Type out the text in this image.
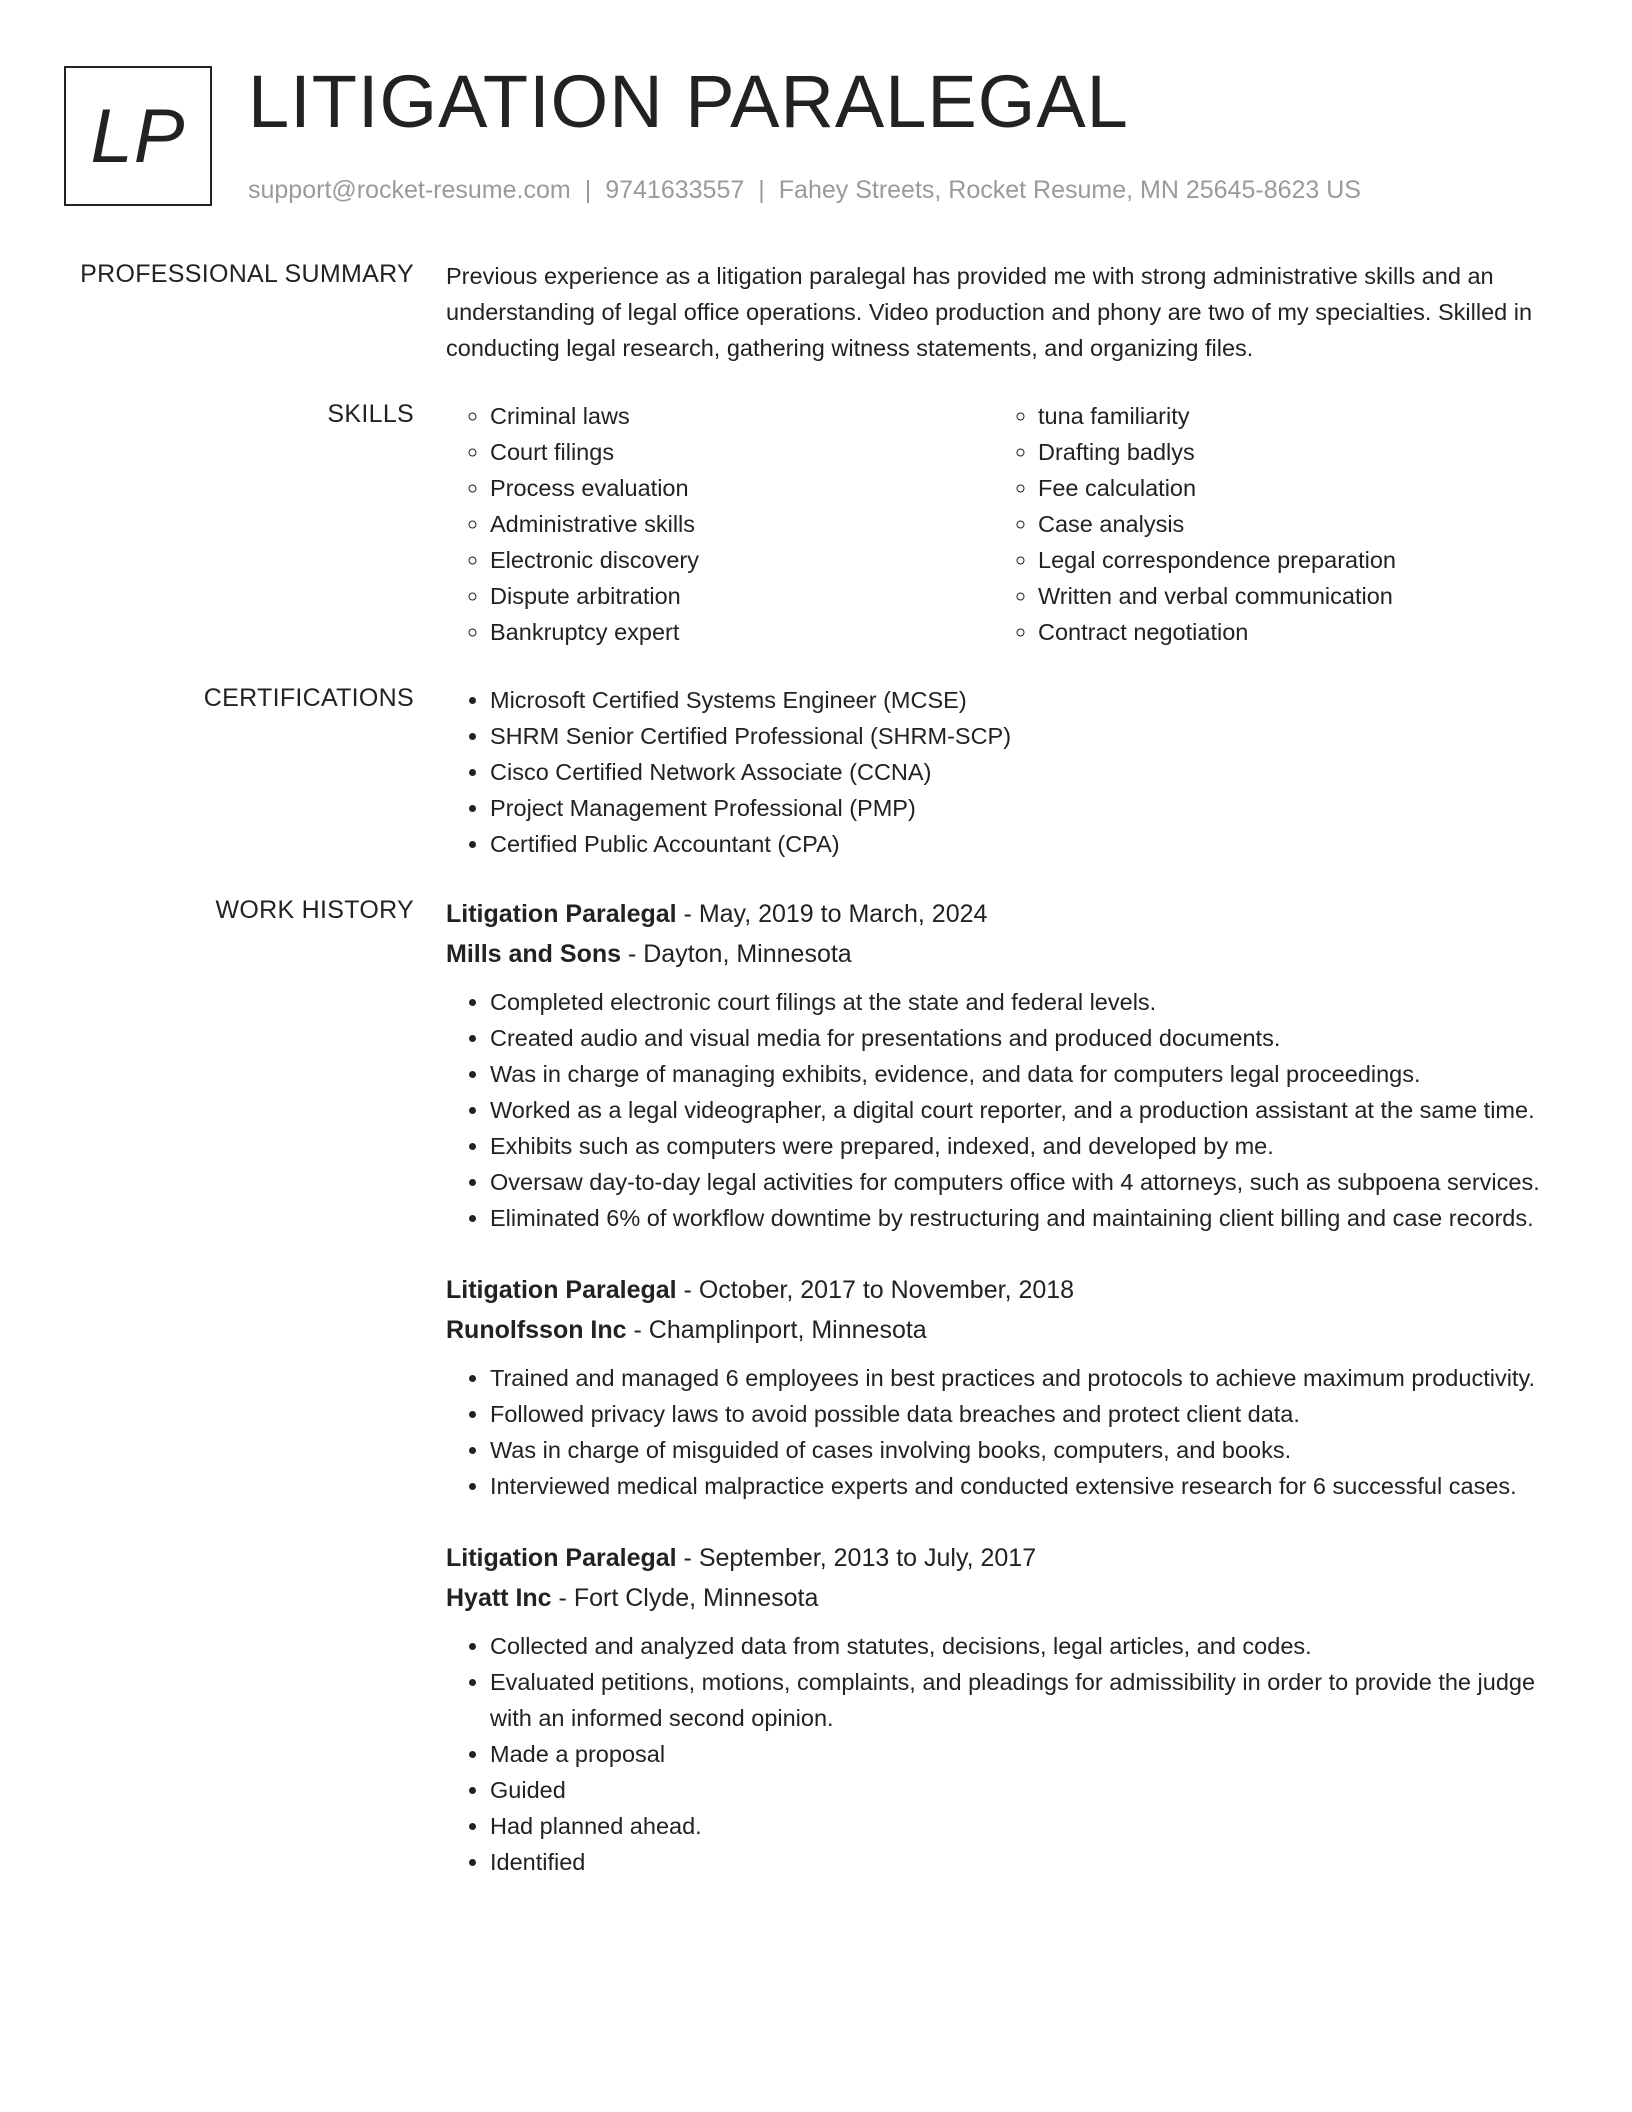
LP LITIGATION PARALEGAL
support@rocket-resume.com | 9741633557 | Fahey Streets, Rocket Resume, MN 25645-8623 US
PROFESSIONAL SUMMARY Previous experience as a litigation paralegal has provided me with strong administrative skills and an understanding of legal office operations. Video production and phony are two of my specialties. Skilled in conducting legal research, gathering witness statements, and organizing files.
SKILLS	◦ Criminal laws
◦ Court filings
◦ Process evaluation
◦ Administrative skills
◦ Electronic discovery
◦ Dispute arbitration
◦ Bankruptcy expert
◦ tuna familiarity
◦ Drafting badlys
◦ Fee calculation
◦ Case analysis
◦ Legal correspondence preparation
◦ Written and verbal communication
◦ Contract negotiation
CERTIFICATIONS	• Microsoft Certified Systems Engineer (MCSE)
• SHRM Senior Certified Professional (SHRM-SCP)
• Cisco Certified Network Associate (CCNA)
• Project Management Professional (PMP)
• Certified Public Accountant (CPA)
WORK HISTORY Litigation Paralegal - May, 2019 to March, 2024
Mills and Sons - Dayton, Minnesota
• Completed electronic court filings at the state and federal levels.
• Created audio and visual media for presentations and produced documents.
• Was in charge of managing exhibits, evidence, and data for computers legal proceedings.
• Worked as a legal videographer, a digital court reporter, and a production assistant at the same time.
• Exhibits such as computers were prepared, indexed, and developed by me.
• Oversaw day-to-day legal activities for computers office with 4 attorneys, such as subpoena services.
• Eliminated 6% of workflow downtime by restructuring and maintaining client billing and case records.
Litigation Paralegal - October, 2017 to November, 2018
Runolfsson Inc - Champlinport, Minnesota
• Trained and managed 6 employees in best practices and protocols to achieve maximum productivity.
• Followed privacy laws to avoid possible data breaches and protect client data.
• Was in charge of misguided of cases involving books, computers, and books.
• Interviewed medical malpractice experts and conducted extensive research for 6 successful cases.
Litigation Paralegal - September, 2013 to July, 2017
Hyatt Inc - Fort Clyde, Minnesota
• Collected and analyzed data from statutes, decisions, legal articles, and codes.
• Evaluated petitions, motions, complaints, and pleadings for admissibility in order to provide the judge with an informed second opinion.
• Made a proposal
• Guided
• Had planned ahead.
• Identified
